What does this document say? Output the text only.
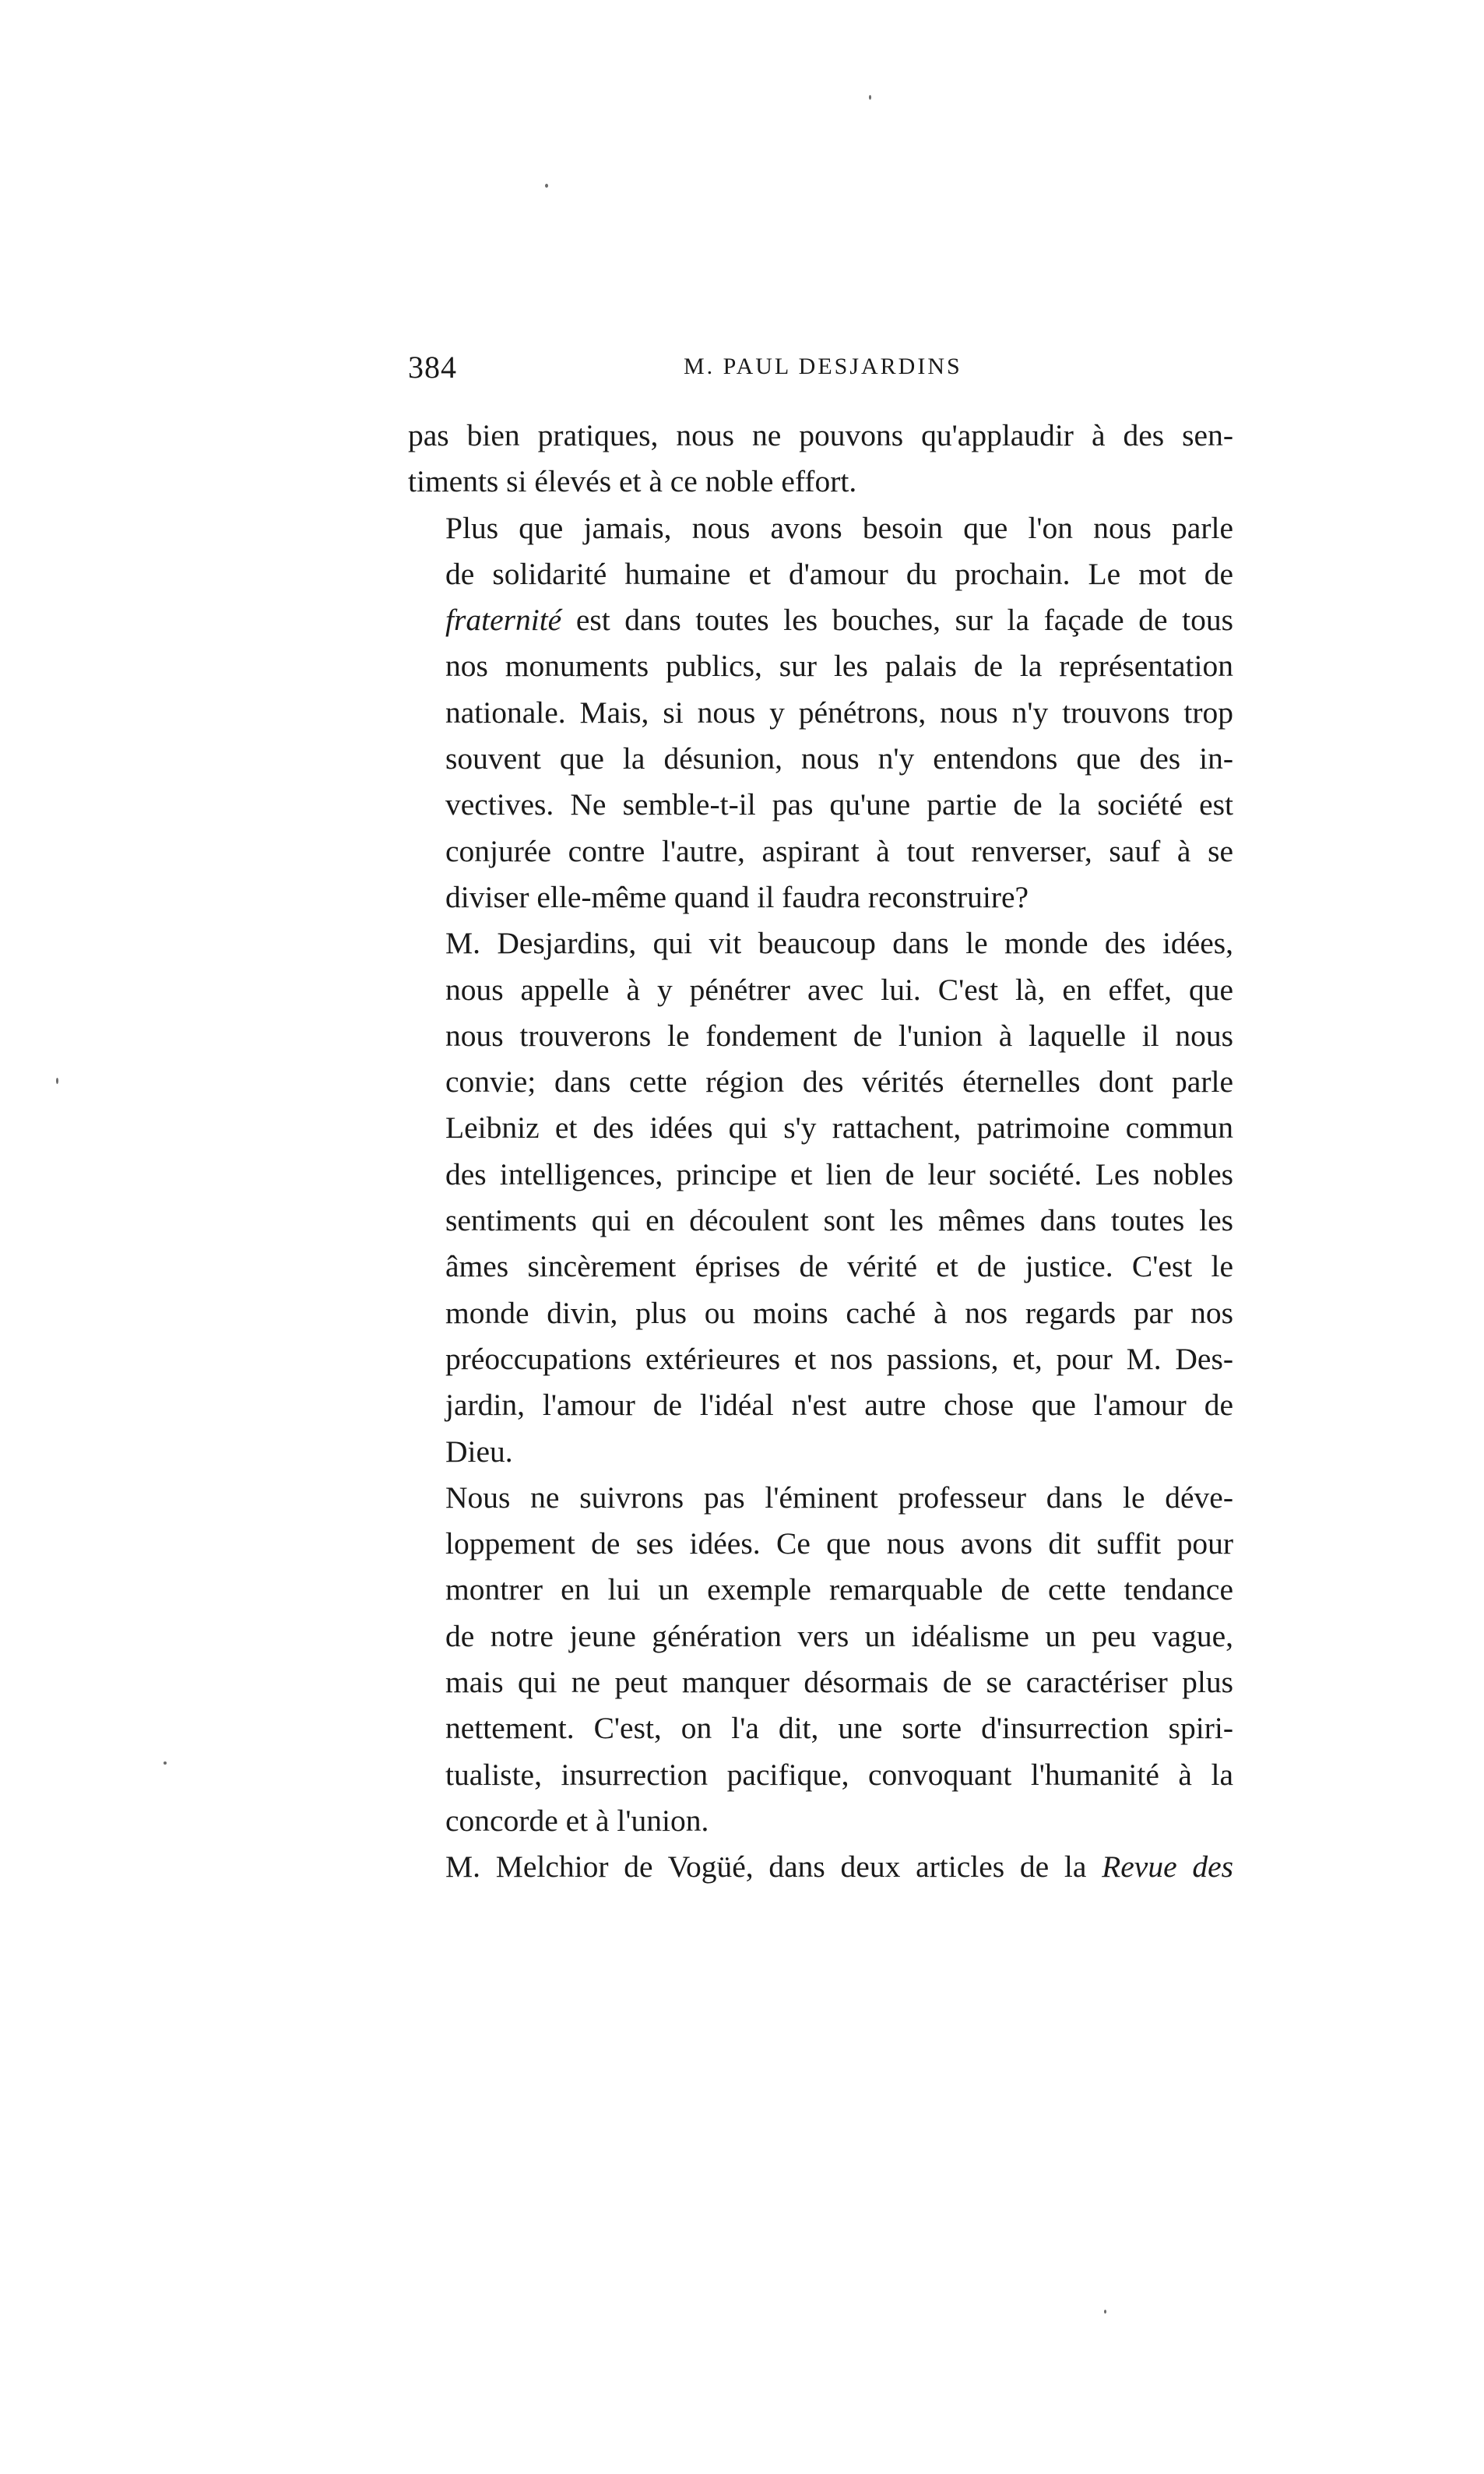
384	M. PAUL DESJARDINS

pas bien pratiques, nous ne pouvons qu'applaudir à des sen-
timents si élevés et à ce noble effort.

Plus que jamais, nous avons besoin que l'on nous parle
de solidarité humaine et d'amour du prochain. Le mot de
fraternité est dans toutes les bouches, sur la façade de tous
nos monuments publics, sur les palais de la représentation
nationale. Mais, si nous y pénétrons, nous n'y trouvons trop
souvent que la désunion, nous n'y entendons que des in-
vectives. Ne semble-t-il pas qu'une partie de la société est
conjurée contre l'autre, aspirant à tout renverser, sauf à se
diviser elle-même quand il faudra reconstruire?

M. Desjardins, qui vit beaucoup dans le monde des idées,
nous appelle à y pénétrer avec lui. C'est là, en effet, que
nous trouverons le fondement de l'union à laquelle il nous
convie; dans cette région des vérités éternelles dont parle
Leibniz et des idées qui s'y rattachent, patrimoine commun
des intelligences, principe et lien de leur société. Les nobles
sentiments qui en découlent sont les mêmes dans toutes les
âmes sincèrement éprises de vérité et de justice. C'est le
monde divin, plus ou moins caché à nos regards par nos
préoccupations extérieures et nos passions, et, pour M. Des-
jardin, l'amour de l'idéal n'est autre chose que l'amour de
Dieu.

Nous ne suivrons pas l'éminent professeur dans le déve-
loppement de ses idées. Ce que nous avons dit suffit pour
montrer en lui un exemple remarquable de cette tendance
de notre jeune génération vers un idéalisme un peu vague,
mais qui ne peut manquer désormais de se caractériser plus
nettement. C'est, on l'a dit, une sorte d'insurrection spiri-
tualiste, insurrection pacifique, convoquant l'humanité à la
concorde et à l'union.

M. Melchior de Vogüé, dans deux articles de la Revue des
